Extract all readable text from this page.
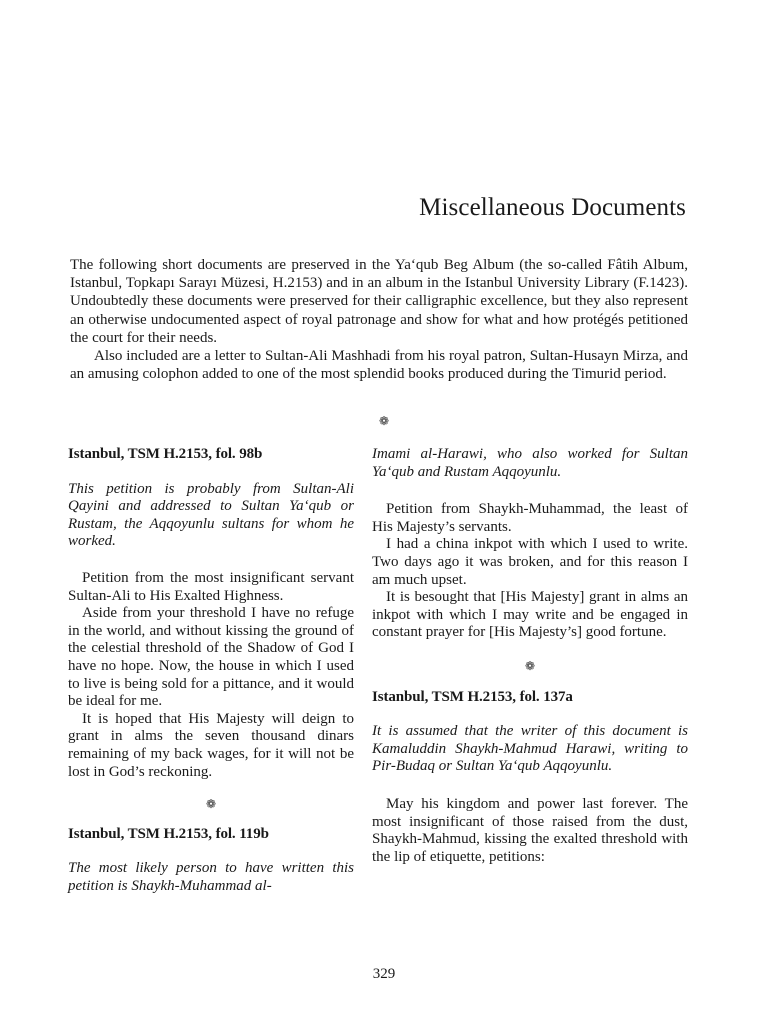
Miscellaneous Documents

The following short documents are preserved in the Ya‘qub Beg Album (the so-called Fâtih Album, Istanbul, Topkapı Sarayı Müzesi, H.2153) and in an album in the Istanbul University Library (F.1423). Undoubtedly these documents were preserved for their calligraphic excellence, but they also represent an otherwise undocumented aspect of royal patronage and show for what and how protégés petitioned the court for their needs.

Also included are a letter to Sultan-Ali Mashhadi from his royal patron, Sultan-Husayn Mirza, and an amusing colophon added to one of the most splendid books produced during the Timurid period.

❁

Istanbul, TSM H.2153, fol. 98b

This petition is probably from Sultan-Ali Qayini and addressed to Sultan Ya‘qub or Rustam, the Aqqoyunlu sultans for whom he worked.

Petition from the most insignificant servant Sultan-Ali to His Exalted Highness.

Aside from your threshold I have no refuge in the world, and without kissing the ground of the celestial threshold of the Shadow of God I have no hope. Now, the house in which I used to live is being sold for a pittance, and it would be ideal for me.

It is hoped that His Majesty will deign to grant in alms the seven thousand dinars remaining of my back wages, for it will not be lost in God’s reckoning.

❁

Istanbul, TSM H.2153, fol. 119b

The most likely person to have written this petition is Shaykh-Muhammad al-

Imami al-Harawi, who also worked for Sultan Ya‘qub and Rustam Aqqoyunlu.

Petition from Shaykh-Muhammad, the least of His Majesty’s servants.

I had a china inkpot with which I used to write. Two days ago it was broken, and for this reason I am much upset.

It is besought that [His Majesty] grant in alms an inkpot with which I may write and be engaged in constant prayer for [His Majesty’s] good fortune.

❁

Istanbul, TSM H.2153, fol. 137a

It is assumed that the writer of this document is Kamaluddin Shaykh-Mahmud Harawi, writing to Pir-Budaq or Sultan Ya‘qub Aqqoyunlu.

May his kingdom and power last forever. The most insignificant of those raised from the dust, Shaykh-Mahmud, kissing the exalted threshold with the lip of etiquette, petitions:

329
